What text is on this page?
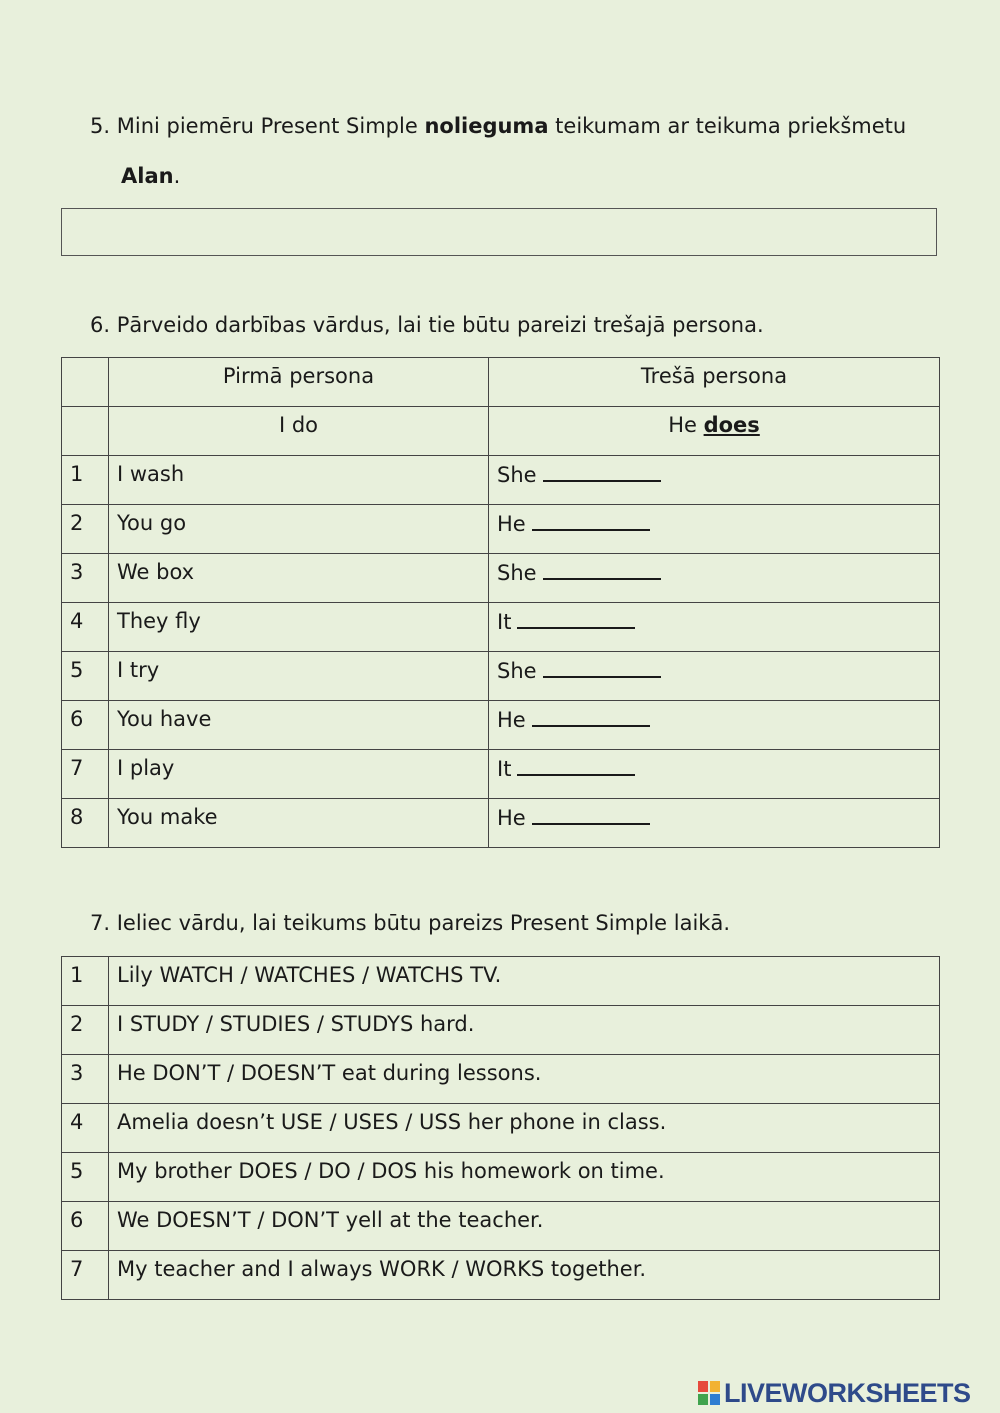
5. Mini piemēru Present Simple nolieguma teikumam ar teikuma priekšmetu
Alan.
6. Pārveido darbības vārdus, lai tie būtu pareizi trešajā persona.
	Pirmā persona	Trešā persona
	I do	He does
1	I wash	She
2	You go	He
3	We box	She
4	They fly	It
5	I try	She
6	You have	He
7	I play	It
8	You make	He
7. Ieliec vārdu, lai teikums būtu pareizs Present Simple laikā.
1	Lily WATCH / WATCHES / WATCHS TV.
2	I STUDY / STUDIES / STUDYS hard.
3	He DON’T / DOESN’T eat during lessons.
4	Amelia doesn’t USE / USES / USS her phone in class.
5	My brother DOES / DO / DOS his homework on time.
6	We DOESN’T / DON’T yell at the teacher.
7	My teacher and I always WORK / WORKS together.
LIVEWORKSHEETS
